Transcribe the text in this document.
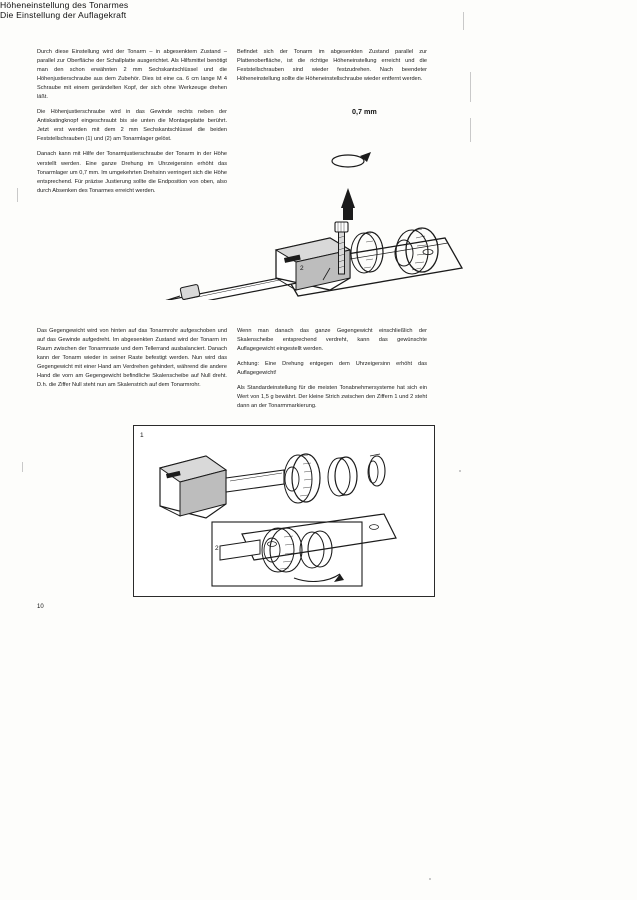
Höheneinstellung des Tonarmes

Durch diese Einstellung wird der Tonarm – in abgesenktem Zustand – parallel zur Oberfläche der Schallplatte ausgerichtet. Als Hilfsmittel benötigt man den schon erwähnten 2 mm Sechskantschlüssel und die Höhenjustierschraube aus dem Zubehör. Dies ist eine ca. 6 cm lange M 4 Schraube mit einem gerändelten Kopf, der sich ohne Werkzeuge drehen läßt.

Die Höhenjustierschraube wird in das Gewinde rechts neben der Antiskatingknopf eingeschraubt bis sie unten die Montageplatte berührt. Jetzt erst werden mit dem 2 mm Sechskantschlüssel die beiden Feststellschrauben (1) und (2) am Tonarmlager gelöst.

Danach kann mit Hilfe der Tonarmjustierschraube der Tonarm in der Höhe verstellt werden. Eine ganze Drehung im Uhrzeigersinn erhöht das Tonarmlager um 0,7 mm. Im umgekehrten Drehsinn verringert sich die Höhe entsprechend. Für präzise Justierung sollte die Endposition von oben, also durch Absenken des Tonarmes erreicht werden.

Befindet sich der Tonarm im abgesenkten Zustand parallel zur Plattenoberfläche, ist die richtige Höheneinstellung erreicht und die Feststellschrauben sind wieder festzudrehen. Nach beendeter Höheneinstellung sollte die Höheneinstellschraube wieder entfernt werden.

0,7 mm
2
Die Einstellung der Auflagekraft

Das Gegengewicht wird von hinten auf das Tonarmrohr aufgeschoben und auf das Gewinde aufgedreht. Im abgesenkten Zustand wird der Tonarm im Raum zwischen der Tonarmraste und dem Tellerrand ausbalanciert. Danach kann der Tonarm wieder in seiner Raste befestigt werden. Nun wird das Gegengewicht mit einer Hand am Verdrehen gehindert, während die andere Hand die vorn am Gegengewicht befindliche Skalenscheibe auf Null dreht. D.h. die Ziffer Null steht nun am Skalenstrich auf dem Tonarmrohr.

Wenn man danach das ganze Gegengewicht einschließlich der Skalenscheibe entsprechend verdreht, kann das gewünschte Auflagegewicht eingestellt werden.

Achtung: Eine Drehung entgegen dem Uhrzeigersinn erhöht das Auflagegewicht!

Als Standardeinstellung für die meisten Tonabnehmersysteme hat sich ein Wert von 1,5 g bewährt. Der kleine Strich zwischen den Ziffern 1 und 2 steht dann an der Tonarmmarkierung.

1
2
10
